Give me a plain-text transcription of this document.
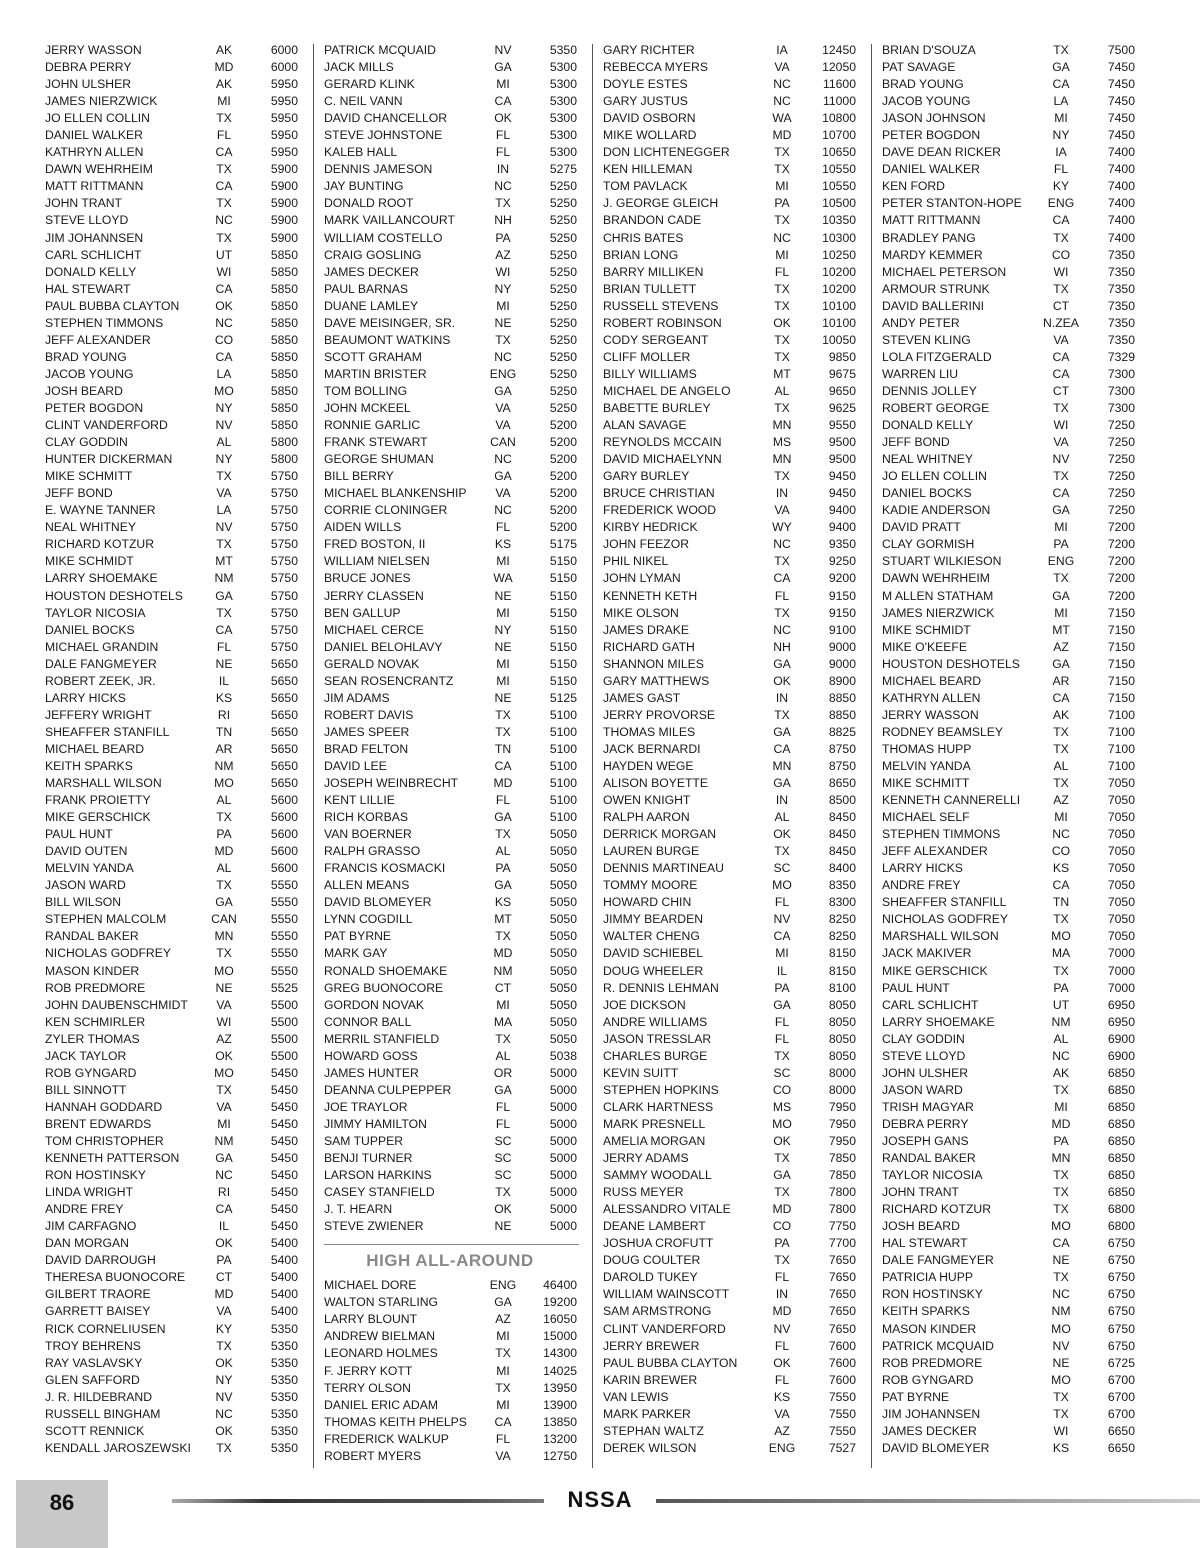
JERRY WASSON	AK	6000
DEBRA PERRY	MD	6000
JOHN ULSHER	AK	5950
JAMES NIERZWICK	MI	5950
JO ELLEN COLLIN	TX	5950
DANIEL WALKER	FL	5950
KATHRYN ALLEN	CA	5950
DAWN WEHRHEIM	TX	5900
MATT RITTMANN	CA	5900
JOHN TRANT	TX	5900
STEVE LLOYD	NC	5900
JIM JOHANNSEN	TX	5900
CARL SCHLICHT	UT	5850
DONALD KELLY	WI	5850
HAL STEWART	CA	5850
PAUL BUBBA CLAYTON	OK	5850
STEPHEN TIMMONS	NC	5850
JEFF ALEXANDER	CO	5850
BRAD YOUNG	CA	5850
JACOB YOUNG	LA	5850
JOSH BEARD	MO	5850
PETER BOGDON	NY	5850
CLINT VANDERFORD	NV	5850
CLAY GODDIN	AL	5800
HUNTER DICKERMAN	NY	5800
MIKE SCHMITT	TX	5750
JEFF BOND	VA	5750
E. WAYNE TANNER	LA	5750
NEAL WHITNEY	NV	5750
RICHARD KOTZUR	TX	5750
MIKE SCHMIDT	MT	5750
LARRY SHOEMAKE	NM	5750
HOUSTON DESHOTELS	GA	5750
TAYLOR NICOSIA	TX	5750
DANIEL BOCKS	CA	5750
MICHAEL GRANDIN	FL	5750
DALE FANGMEYER	NE	5650
ROBERT ZEEK, JR.	IL	5650
LARRY HICKS	KS	5650
JEFFERY WRIGHT	RI	5650
SHEAFFER STANFILL	TN	5650
MICHAEL BEARD	AR	5650
KEITH SPARKS	NM	5650
MARSHALL WILSON	MO	5650
FRANK PROIETTY	AL	5600
MIKE GERSCHICK	TX	5600
PAUL HUNT	PA	5600
DAVID OUTEN	MD	5600
MELVIN YANDA	AL	5600
JASON WARD	TX	5550
BILL WILSON	GA	5550
STEPHEN MALCOLM	CAN	5550
RANDAL BAKER	MN	5550
NICHOLAS GODFREY	TX	5550
MASON KINDER	MO	5550
ROB PREDMORE	NE	5525
JOHN DAUBENSCHMIDT	VA	5500
KEN SCHMIRLER	WI	5500
ZYLER THOMAS	AZ	5500
JACK TAYLOR	OK	5500
ROB GYNGARD	MO	5450
BILL SINNOTT	TX	5450
HANNAH GODDARD	VA	5450
BRENT EDWARDS	MI	5450
TOM CHRISTOPHER	NM	5450
KENNETH PATTERSON	GA	5450
RON HOSTINSKY	NC	5450
LINDA WRIGHT	RI	5450
ANDRE FREY	CA	5450
JIM CARFAGNO	IL	5450
DAN MORGAN	OK	5400
DAVID DARROUGH	PA	5400
THERESA BUONOCORE	CT	5400
GILBERT TRAORE	MD	5400
GARRETT BAISEY	VA	5400
RICK CORNELIUSEN	KY	5350
TROY BEHRENS	TX	5350
RAY VASLAVSKY	OK	5350
GLEN SAFFORD	NY	5350
J. R. HILDEBRAND	NV	5350
RUSSELL BINGHAM	NC	5350
SCOTT RENNICK	OK	5350
KENDALL JAROSZEWSKI	TX	5350
PATRICK MCQUAID	NV	5350
JACK MILLS	GA	5300
GERARD KLINK	MI	5300
C. NEIL VANN	CA	5300
DAVID CHANCELLOR	OK	5300
STEVE JOHNSTONE	FL	5300
KALEB HALL	FL	5300
DENNIS JAMESON	IN	5275
JAY BUNTING	NC	5250
DONALD ROOT	TX	5250
MARK VAILLANCOURT	NH	5250
WILLIAM COSTELLO	PA	5250
CRAIG GOSLING	AZ	5250
JAMES DECKER	WI	5250
PAUL BARNAS	NY	5250
DUANE LAMLEY	MI	5250
DAVE MEISINGER, SR.	NE	5250
BEAUMONT WATKINS	TX	5250
SCOTT GRAHAM	NC	5250
MARTIN BRISTER	ENG	5250
TOM BOLLING	GA	5250
JOHN MCKEEL	VA	5250
RONNIE GARLIC	VA	5200
FRANK STEWART	CAN	5200
GEORGE SHUMAN	NC	5200
BILL BERRY	GA	5200
MICHAEL BLANKENSHIP	VA	5200
CORRIE CLONINGER	NC	5200
AIDEN WILLS	FL	5200
FRED BOSTON, II	KS	5175
WILLIAM NIELSEN	MI	5150
BRUCE JONES	WA	5150
JERRY CLASSEN	NE	5150
BEN GALLUP	MI	5150
MICHAEL CERCE	NY	5150
DANIEL BELOHLAVY	NE	5150
GERALD NOVAK	MI	5150
SEAN ROSENCRANTZ	MI	5150
JIM ADAMS	NE	5125
ROBERT DAVIS	TX	5100
JAMES SPEER	TX	5100
BRAD FELTON	TN	5100
DAVID LEE	CA	5100
JOSEPH WEINBRECHT	MD	5100
KENT LILLIE	FL	5100
RICH KORBAS	GA	5100
VAN BOERNER	TX	5050
RALPH GRASSO	AL	5050
FRANCIS KOSMACKI	PA	5050
ALLEN MEANS	GA	5050
DAVID BLOMEYER	KS	5050
LYNN COGDILL	MT	5050
PAT BYRNE	TX	5050
MARK GAY	MD	5050
RONALD SHOEMAKE	NM	5050
GREG BUONOCORE	CT	5050
GORDON NOVAK	MI	5050
CONNOR BALL	MA	5050
MERRIL STANFIELD	TX	5050
HOWARD GOSS	AL	5038
JAMES HUNTER	OR	5000
DEANNA CULPEPPER	GA	5000
JOE TRAYLOR	FL	5000
JIMMY HAMILTON	FL	5000
SAM TUPPER	SC	5000
BENJI TURNER	SC	5000
LARSON HARKINS	SC	5000
CASEY STANFIELD	TX	5000
J. T. HEARN	OK	5000
STEVE ZWIENER	NE	5000
HIGH ALL-AROUND
MICHAEL DORE	ENG	46400
WALTON STARLING	GA	19200
LARRY BLOUNT	AZ	16050
ANDREW BIELMAN	MI	15000
LEONARD HOLMES	TX	14300
F. JERRY KOTT	MI	14025
TERRY OLSON	TX	13950
DANIEL ERIC ADAM	MI	13900
THOMAS KEITH PHELPS	CA	13850
FREDERICK WALKUP	FL	13200
ROBERT MYERS	VA	12750
GARY RICHTER	IA	12450
REBECCA MYERS	VA	12050
DOYLE ESTES	NC	11600
GARY JUSTUS	NC	11000
DAVID OSBORN	WA	10800
MIKE WOLLARD	MD	10700
DON LICHTENEGGER	TX	10650
KEN HILLEMAN	TX	10550
TOM PAVLACK	MI	10550
J. GEORGE GLEICH	PA	10500
BRANDON CADE	TX	10350
CHRIS BATES	NC	10300
BRIAN LONG	MI	10250
BARRY MILLIKEN	FL	10200
BRIAN TULLETT	TX	10200
RUSSELL STEVENS	TX	10100
ROBERT ROBINSON	OK	10100
CODY SERGEANT	TX	10050
CLIFF MOLLER	TX	9850
BILLY WILLIAMS	MT	9675
MICHAEL DE ANGELO	AL	9650
BABETTE BURLEY	TX	9625
ALAN SAVAGE	MN	9550
REYNOLDS MCCAIN	MS	9500
DAVID MICHAELYNN	MN	9500
GARY BURLEY	TX	9450
BRUCE CHRISTIAN	IN	9450
FREDERICK WOOD	VA	9400
KIRBY HEDRICK	WY	9400
JOHN FEEZOR	NC	9350
PHIL NIKEL	TX	9250
JOHN LYMAN	CA	9200
KENNETH KETH	FL	9150
MIKE OLSON	TX	9150
JAMES DRAKE	NC	9100
RICHARD GATH	NH	9000
SHANNON MILES	GA	9000
GARY MATTHEWS	OK	8900
JAMES GAST	IN	8850
JERRY PROVORSE	TX	8850
THOMAS MILES	GA	8825
JACK BERNARDI	CA	8750
HAYDEN WEGE	MN	8750
ALISON BOYETTE	GA	8650
OWEN KNIGHT	IN	8500
RALPH AARON	AL	8450
DERRICK MORGAN	OK	8450
LAUREN BURGE	TX	8450
DENNIS MARTINEAU	SC	8400
TOMMY MOORE	MO	8350
HOWARD CHIN	FL	8300
JIMMY BEARDEN	NV	8250
WALTER CHENG	CA	8250
DAVID SCHIEBEL	MI	8150
DOUG WHEELER	IL	8150
R. DENNIS LEHMAN	PA	8100
JOE DICKSON	GA	8050
ANDRE WILLIAMS	FL	8050
JASON TRESSLAR	FL	8050
CHARLES BURGE	TX	8050
KEVIN SUITT	SC	8000
STEPHEN HOPKINS	CO	8000
CLARK HARTNESS	MS	7950
MARK PRESNELL	MO	7950
AMELIA MORGAN	OK	7950
JERRY ADAMS	TX	7850
SAMMY WOODALL	GA	7850
RUSS MEYER	TX	7800
ALESSANDRO VITALE	MD	7800
DEANE LAMBERT	CO	7750
JOSHUA CROFUTT	PA	7700
DOUG COULTER	TX	7650
DAROLD TUKEY	FL	7650
WILLIAM WAINSCOTT	IN	7650
SAM ARMSTRONG	MD	7650
CLINT VANDERFORD	NV	7650
JERRY BREWER	FL	7600
PAUL BUBBA CLAYTON	OK	7600
KARIN BREWER	FL	7600
VAN LEWIS	KS	7550
MARK PARKER	VA	7550
STEPHAN WALTZ	AZ	7550
DEREK WILSON	ENG	7527
BRIAN D'SOUZA	TX	7500
PAT SAVAGE	GA	7450
BRAD YOUNG	CA	7450
JACOB YOUNG	LA	7450
JASON JOHNSON	MI	7450
PETER BOGDON	NY	7450
DAVE DEAN RICKER	IA	7400
DANIEL WALKER	FL	7400
KEN FORD	KY	7400
PETER STANTON-HOPE	ENG	7400
MATT RITTMANN	CA	7400
BRADLEY PANG	TX	7400
MARDY KEMMER	CO	7350
MICHAEL PETERSON	WI	7350
ARMOUR STRUNK	TX	7350
DAVID BALLERINI	CT	7350
ANDY PETER	N.ZEA	7350
STEVEN KLING	VA	7350
LOLA FITZGERALD	CA	7329
WARREN LIU	CA	7300
DENNIS JOLLEY	CT	7300
ROBERT GEORGE	TX	7300
DONALD KELLY	WI	7250
JEFF BOND	VA	7250
NEAL WHITNEY	NV	7250
JO ELLEN COLLIN	TX	7250
DANIEL BOCKS	CA	7250
KADIE ANDERSON	GA	7250
DAVID PRATT	MI	7200
CLAY GORMISH	PA	7200
STUART WILKIESON	ENG	7200
DAWN WEHRHEIM	TX	7200
M ALLEN STATHAM	GA	7200
JAMES NIERZWICK	MI	7150
MIKE SCHMIDT	MT	7150
MIKE O'KEEFE	AZ	7150
HOUSTON DESHOTELS	GA	7150
MICHAEL BEARD	AR	7150
KATHRYN ALLEN	CA	7150
JERRY WASSON	AK	7100
RODNEY BEAMSLEY	TX	7100
THOMAS HUPP	TX	7100
MELVIN YANDA	AL	7100
MIKE SCHMITT	TX	7050
KENNETH CANNERELLI	AZ	7050
MICHAEL SELF	MI	7050
STEPHEN TIMMONS	NC	7050
JEFF ALEXANDER	CO	7050
LARRY HICKS	KS	7050
ANDRE FREY	CA	7050
SHEAFFER STANFILL	TN	7050
NICHOLAS GODFREY	TX	7050
MARSHALL WILSON	MO	7050
JACK MAKIVER	MA	7000
MIKE GERSCHICK	TX	7000
PAUL HUNT	PA	7000
CARL SCHLICHT	UT	6950
LARRY SHOEMAKE	NM	6950
CLAY GODDIN	AL	6900
STEVE LLOYD	NC	6900
JOHN ULSHER	AK	6850
JASON WARD	TX	6850
TRISH MAGYAR	MI	6850
DEBRA PERRY	MD	6850
JOSEPH GANS	PA	6850
RANDAL BAKER	MN	6850
TAYLOR NICOSIA	TX	6850
JOHN TRANT	TX	6850
RICHARD KOTZUR	TX	6800
JOSH BEARD	MO	6800
HAL STEWART	CA	6750
DALE FANGMEYER	NE	6750
PATRICIA HUPP	TX	6750
RON HOSTINSKY	NC	6750
KEITH SPARKS	NM	6750
MASON KINDER	MO	6750
PATRICK MCQUAID	NV	6750
ROB PREDMORE	NE	6725
ROB GYNGARD	MO	6700
PAT BYRNE	TX	6700
JIM JOHANNSEN	TX	6700
JAMES DECKER	WI	6650
DAVID BLOMEYER	KS	6650
86	NSSA
